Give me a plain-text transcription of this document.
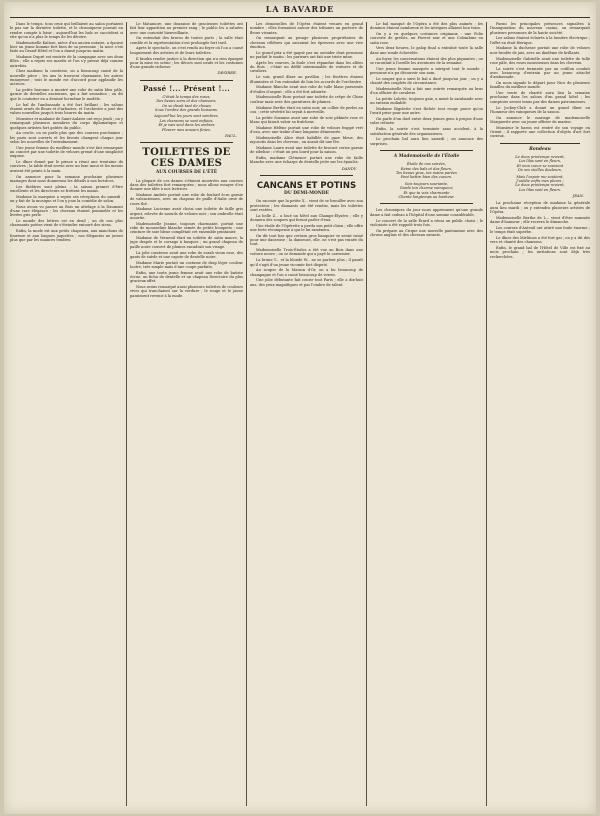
LA BAVARDE

Dans le temps, tous ceux qui brillaient au salon portaient le pas sur la dernière toilette, et le chroniqueur pouvait en rendre compte à loisir ; aujourd'hui les bals se succèdent si vite qu'on n'a plus le temps de les décrire.

Mademoiselle Kalisse, nièce d'un ancien notaire, a épousé hier un jeune homme fort bien de sa personne ; la noce s'est faite au Grand-Hôtel et l'on a dansé jusqu'au matin.

Madame Dupré est rentrée de la campagne avec ses deux filles ; elle a repris ses mardis et l'on s'y presse déjà comme autrefois.

Chez madame la comtesse, on a beaucoup causé de la nouvelle pièce ; les uns la trouvent charmante, les autres ennuyeuse ; tout le monde est d'accord pour applaudir les actrices.

La petite baronne a montré une robe de satin bleu pâle, garnie de dentelles anciennes, qui a fait sensation ; on dit que le couturier en a dessiné lui-même le modèle.

Le bal de l'ambassade a été fort brillant ; les salons étaient ornés de fleurs et d'arbustes, et l'orchestre a joué des valses nouvelles jusqu'à trois heures du matin.

Monsieur et madame de Saint-Aulaire ont reçu jeudi ; on y remarquait plusieurs membres du corps diplomatique et quelques artistes fort goûtés du public.

Au cercle, on ne parle plus que des courses prochaines ; les paris sont ouverts et les favoris changent chaque jour selon les nouvelles de l'entraînement.

Une jeune femme du meilleur monde s'est fait remarquer au concert par une toilette de velours grenat d'une simplicité exquise.

Le dîner donné par le prince a réuni une trentaine de convives ; la table était servie avec un luxe inouï et les menus avaient été peints à la main.

On annonce pour la semaine prochaine plusieurs mariages dont nous donnerons les détails à nos lectrices.

Les théâtres sont pleins ; la saison promet d'être excellente et les directeurs se frottent les mains.

Madame la marquise a repris ses réceptions du samedi ; on y fait de la musique et l'on y joue la comédie de salon.

Nous avons vu passer au Bois un attelage à la Daumont d'une rare élégance ; les chevaux étaient pommelés et les livrées gris perle.

Le monde des lettres est en deuil ; un de nos plus charmants poètes vient de s'éteindre entouré des siens.

Enfin, la mode est aux petits chapeaux, aux manchons de fourrure et aux longues jaquettes ; nos élégantes ne jurent plus que par les nuances tendres.

Le Matamore, une douzaine de gracieuses toilettes ont fait leur apparition au premier rang ; le public les a saluées avec une curiosité bienveillante.

On entendait des bravos de toutes parts ; la salle était comble et la représentation s'est prolongée fort tard.

Après le spectacle, on s'est rendu au foyer où l'on a causé longuement des artistes et de leurs toilettes.

Il faudra rendre justice à la direction qui n'a rien épargné pour la mise en scène ; les décors sont neufs et les costumes d'une grande richesse.

DESIREE.
Passé !... Présent !...
C'était le temps des roses,
Des beaux soirs et des chansons,
On se disait tant de choses
Sous l'ombre des grands buissons.
Aujourd'hui les jours sont sombres,
Les chansons se sont enfuies,
Et je vais seul dans les ombres
Pleurer mes amours finies.
PAUL.
TOILETTES DE CES DAMES
AUX COURSES DE L'ÉTÉ

La plupart de ces dames s'étaient montrées aux courses dans des toilettes fort remarquées ; nous allons essayer d'en donner une idée à nos lectrices.

Madame Andrée portait une robe de foulard écru garnie de valenciennes, avec un chapeau de paille d'Italie orné de roses thé.

Madame Lucienne avait choisi une toilette de faille gris argent, relevée de noeuds de velours noir ; son ombrelle était assortie.

Mademoiselle Jeanne, toujours charmante, portait une robe de mousseline blanche semée de petits bouquets ; une ceinture de soie bleue complétait cet ensemble printanier.

Madame de Verneuil était en toilette de satin mauve, la jupe drapée et le corsage à basques ; un grand chapeau de paille noire couvert de plumes encadrait son visage.

La jolie comtesse avait une robe de surah vieux rose, des gants de suède et une capote de dentelle noire.

Madame Marie portait un costume de drap léger couleur loutre, très simple mais d'une coupe parfaite.

Enfin, une toute jeune femme avait une robe de batiste écrue, un fichu de dentelle et un chapeau Directoire du plus gracieux effet.

Nous avons remarqué aussi plusieurs toilettes de couleurs vives qui tranchaient sur la verdure ; le rouge et le jaune paraissent revenir à la mode.

Les demoiselles de l'Opéra étaient venues en grand nombre ; elles formaient autour des tribunes un parterre de fleurs vivantes.

On remarquait au pesage plusieurs propriétaires de chevaux célèbres qui suivaient les épreuves avec une vive émotion.

Le grand prix a été gagné par un outsider dont personne ne parlait le matin ; les parieurs ont fait une triste mine.

Après les courses, la foule s'est répandue dans les allées du Bois ; c'était un défilé interminable de voitures et de cavaliers.

Le soir, grand dîner au pavillon ; les fenêtres étaient illuminées et l'on entendait de loin les accords de l'orchestre.

Madame Blanche avait une robe de tulle blanc parsemée d'étoiles d'argent ; elle a été fort admirée.

Mademoiselle Rose portait une toilette de crêpe de Chine couleur maïs avec des garnitures de plumes.

Madame Berthe était en satin noir, un collier de perles au cou ; cette sévérité lui seyait à merveille.

La petite Suzanne avait une robe de soie pékinée rose et blanc qui faisait valoir sa fraîcheur.

Madame Hélène portait une robe de velours frappé vert d'eau, avec une traîne d'une longueur démesurée.

Mademoiselle Alice était habillée de gaze bleue, des myosotis dans les cheveux ; on aurait dit une fée.

Madame Laure avait une toilette de brocart cerise garnie de zibeline ; c'était un peu lourd pour la saison.

Enfin, madame Clémence portait une robe de faille blanche avec une écharpe de dentelle jetée sur les épaules.

DANDY.
CANCANS ET POTINS
DU DEMI-MONDE

On raconte que la petite X... vient de se brouiller avec son protecteur ; les diamants ont été rendus, mais les toilettes sont restées.

La belle Z... a loué un hôtel aux Champs-Élysées ; elle y donnera des soupers qui feront parler d'eux.

Une étoile de l'Opérette a perdu son petit chien ; elle offre une forte récompense à qui le lui ramènera.

On dit tout bas que certain gros banquier se serait ruiné pour une danseuse ; la danseuse, elle, ne s'est pas ruinée du tout.

Mademoiselle Trois-Étoiles a été vue au Bois dans une voiture neuve ; on se demande qui a payé le carrossier.

La brune Y... et la blonde W... ne se parlent plus ; il paraît qu'il s'agit d'un jeune vicomte fort disputé.

Au souper de la Maison d'Or, on a bu beaucoup de champagne et l'on a cassé beaucoup de verres.

Une jolie débutante fait courir tout Paris ; elle a dix-huit ans, des yeux magnifiques et pas l'ombre de talent.

Le bal masqué de l'Opéra a été des plus animés ; les dominos étaient nombreux et les intrigues allaient bon train.

On y a vu quelques costumes originaux : une Folie couverte de grelots, un Pierrot noir et une Colombine en satin rose.

Vers deux heures, le galop final a entraîné toute la salle dans une ronde échevelée.

Au foyer, les conversations étaient des plus piquantes ; on se racontait à l'oreille les aventures de la semaine.

Une jeune femme masquée a intrigué tout le monde ; personne n'a pu découvrir son nom.

Le souper qui a suivi le bal a duré jusqu'au jour ; on y a chanté des couplets de circonstance.

Mademoiselle Nini a fait une entrée remarquée au bras d'un officier de cavalerie.

La petite Lolotte, toujours gaie, a mené la sarabande avec un entrain endiablé.

Madame Rigolette s'est fâchée tout rouge parce qu'on l'avait prise pour une autre.

On parle d'un duel entre deux jeunes gens à propos d'une valse refusée.

Enfin, la soirée s'est terminée sans accident, à la satisfaction générale des organisateurs.

Le prochain bal aura lieu samedi ; on annonce des surprises.

A Mademoiselle de l'Étoile
Étoile de nos soirées,
Reine des bals et des fleurs,
Tes beaux yeux, tes mains parées
Font battre bien des coeurs.
Sois toujours souriante,
Garde ton charme vainqueur,
Et que ta voix charmante
Chante longtemps au bonheur.

Les chroniques du jour nous apprennent qu'une grande dame a fait cadeau à l'hôpital d'une somme considérable.

Le concert de la salle Érard a réuni un public choisi ; le violoniste a été rappelé trois fois.

On prépare au Cirque une nouvelle pantomime avec des clowns anglais et des chevaux savants.

Parmi les principales présences signalées à l'inauguration du nouveau casino, on remarquait plusieurs personnes de la haute société.

Les salons étaient éclairés à la lumière électrique ; l'effet en était féerique.

Madame la duchesse portait une robe de velours noir brodée de jais, avec un diadème de brillants.

Mademoiselle Gabrielle avait une toilette de tulle rose pâle, des roses mousseuses dans les cheveux.

La soirée s'est terminée par un cotillon conduit avec beaucoup d'entrain par un jeune attaché d'ambassade.

On nous signale le départ pour Nice de plusieurs familles du meilleur monde.

Une vente de charité aura lieu la semaine prochaine dans les salons d'un grand hôtel ; les comptoirs seront tenus par des dames patronnesses.

Le Jockey-Club a donné un grand dîner en l'honneur des vainqueurs de la saison.

On annonce le mariage de mademoiselle Marguerite avec un jeune officier de marine.

Monsieur le baron est rentré de son voyage en Orient ; il rapporte une collection d'objets d'art fort curieux.

Rondeau
Le doux printemps revient,
Les lilas sont en fleurs,
Et mon coeur se souvient
De ses vieilles douleurs.
Mais l'espoir me soutient,
J'oublie enfin mes pleurs ;
Le doux printemps revient,
Les lilas sont en fleurs.
JEAN.

La prochaine réception de madame la générale aura lieu mardi ; on y entendra plusieurs artistes de l'Opéra.

Mademoiselle Berthe de L... vient d'être nommée dame d'honneur ; elle recevra le dimanche.

Les courses d'Auteuil ont attiré une foule énorme ; le temps était superbe.

Le dîner des Mirlitons a été fort gai ; on y a dit des vers et chanté des chansons.

Enfin, le grand bal de l'Hôtel de Ville est fixé au mois prochain ; les invitations sont déjà très recherchées.
